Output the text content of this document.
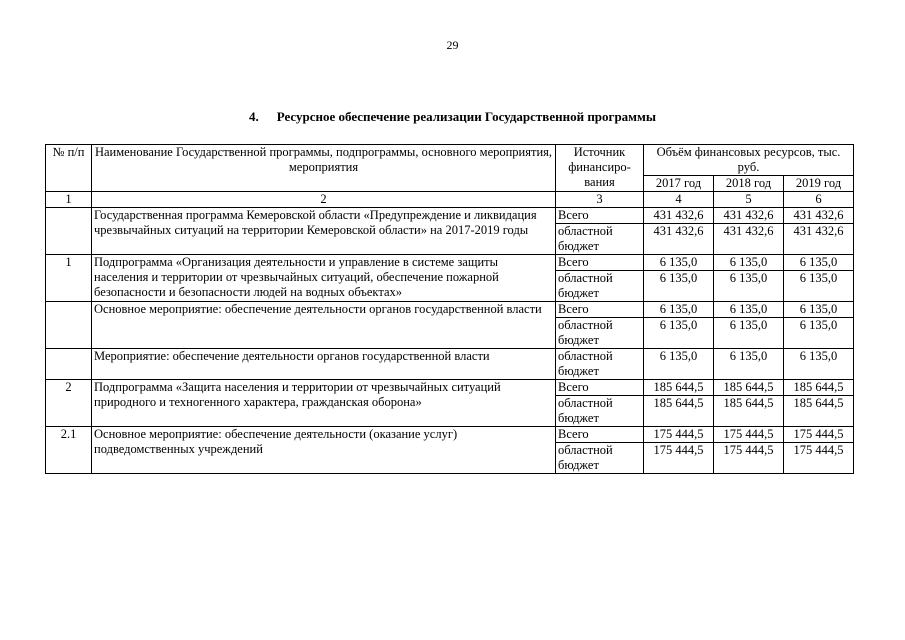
29
4. Ресурсное обеспечение реализации Государственной программы
№ п/п	Наименование Государственной программы, подпрограммы, основного мероприятия, мероприятия	Источник финансиро-вания	Объём финансовых ресурсов, тыс. руб.		
			2017 год	2018 год	2019 год
1	2	3	4	5	6
	Государственная программа Кемеровской области «Предупреждение и ликвидация чрезвычайных ситуаций на территории Кемеровской области» на 2017-2019 годы	Всего	431 432,6	431 432,6	431 432,6
		областной бюджет	431 432,6	431 432,6	431 432,6
1	Подпрограмма «Организация деятельности и управление в системе защиты населения и территории от чрезвычайных ситуаций, обеспечение пожарной безопасности и безопасности людей на водных объектах»	Всего	6 135,0	6 135,0	6 135,0
		областной бюджет	6 135,0	6 135,0	6 135,0
	Основное мероприятие: обеспечение деятельности органов государственной власти	Всего	6 135,0	6 135,0	6 135,0
		областной бюджет	6 135,0	6 135,0	6 135,0
	Мероприятие: обеспечение деятельности органов государственной власти	областной бюджет	6 135,0	6 135,0	6 135,0
2	Подпрограмма «Защита населения и территории от чрезвычайных ситуаций природного и техногенного характера, гражданская оборона»	Всего	185 644,5	185 644,5	185 644,5
		областной бюджет	185 644,5	185 644,5	185 644,5
2.1	Основное мероприятие: обеспечение деятельности (оказание услуг) подведомственных учреждений	Всего	175 444,5	175 444,5	175 444,5
		областной бюджет	175 444,5	175 444,5	175 444,5
